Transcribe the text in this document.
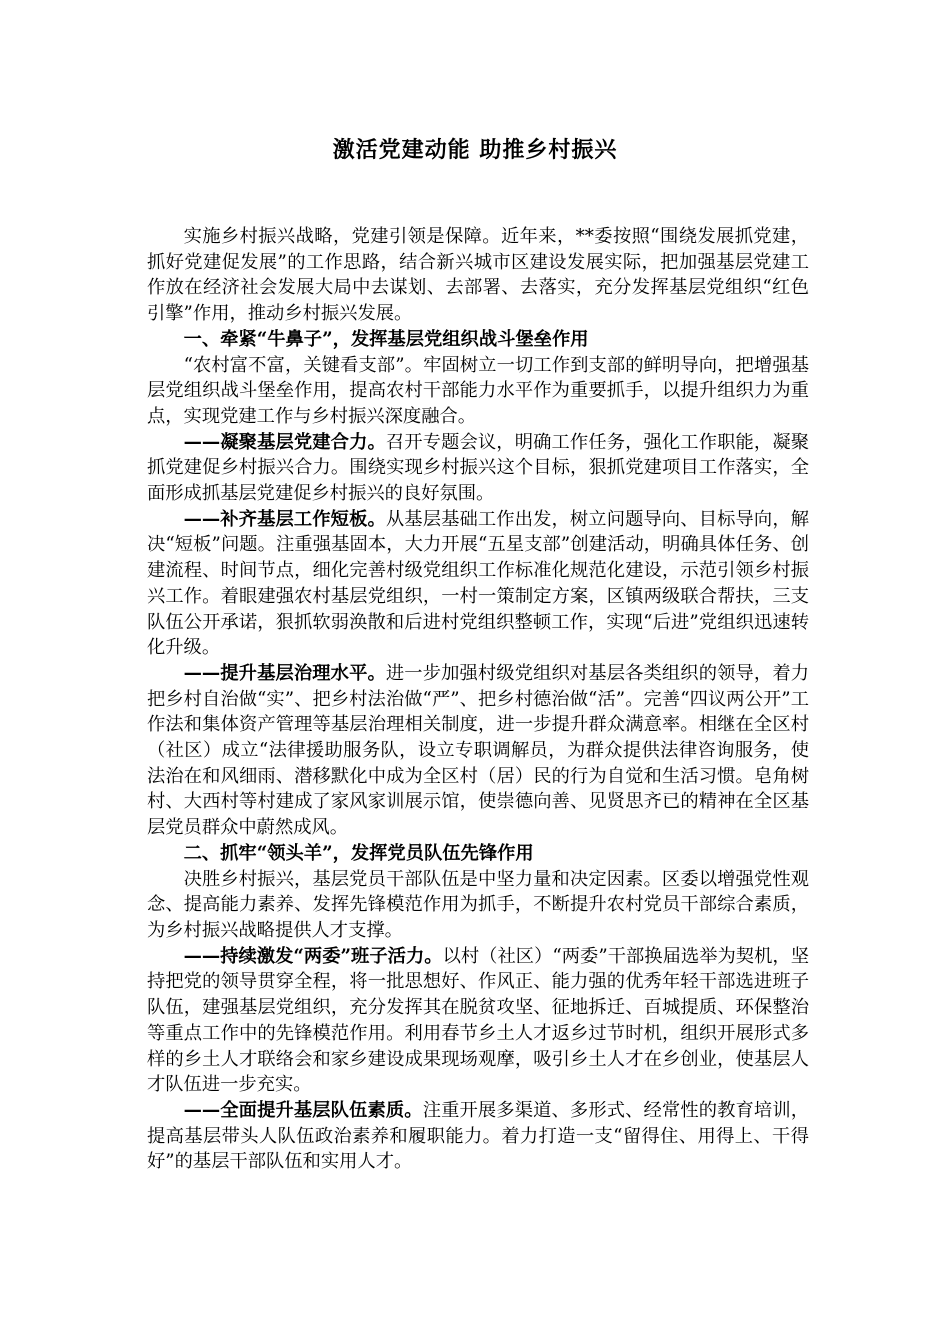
激活党建动能 助推乡村振兴

实施乡村振兴战略，党建引领是保障。近年来，**委按照“围绕发展抓党建，抓好党建促发展”的工作思路，结合新兴城市区建设发展实际，把加强基层党建工作放在经济社会发展大局中去谋划、去部署、去落实，充分发挥基层党组织“红色引擎”作用，推动乡村振兴发展。

一、牵紧“牛鼻子”，发挥基层党组织战斗堡垒作用

“农村富不富，关键看支部”。牢固树立一切工作到支部的鲜明导向，把增强基层党组织战斗堡垒作用，提高农村干部能力水平作为重要抓手，以提升组织力为重点，实现党建工作与乡村振兴深度融合。

——凝聚基层党建合力。召开专题会议，明确工作任务，强化工作职能，凝聚抓党建促乡村振兴合力。围绕实现乡村振兴这个目标，狠抓党建项目工作落实，全面形成抓基层党建促乡村振兴的良好氛围。

——补齐基层工作短板。从基层基础工作出发，树立问题导向、目标导向，解决“短板”问题。注重强基固本，大力开展“五星支部”创建活动，明确具体任务、创建流程、时间节点，细化完善村级党组织工作标准化规范化建设，示范引领乡村振兴工作。着眼建强农村基层党组织，一村一策制定方案，区镇两级联合帮扶，三支队伍公开承诺，狠抓软弱涣散和后进村党组织整顿工作，实现“后进”党组织迅速转化升级。

——提升基层治理水平。进一步加强村级党组织对基层各类组织的领导，着力把乡村自治做“实”、把乡村法治做“严”、把乡村德治做“活”。完善“四议两公开”工作法和集体资产管理等基层治理相关制度，进一步提升群众满意率。相继在全区村（社区）成立“法律援助服务队，设立专职调解员，为群众提供法律咨询服务，使法治在和风细雨、潜移默化中成为全区村（居）民的行为自觉和生活习惯。皂角树村、大西村等村建成了家风家训展示馆，使崇德向善、见贤思齐已的精神在全区基层党员群众中蔚然成风。

二、抓牢“领头羊”，发挥党员队伍先锋作用

决胜乡村振兴，基层党员干部队伍是中坚力量和决定因素。区委以增强党性观念、提高能力素养、发挥先锋模范作用为抓手，不断提升农村党员干部综合素质，为乡村振兴战略提供人才支撑。

——持续激发“两委”班子活力。以村（社区）“两委”干部换届选举为契机，坚持把党的领导贯穿全程，将一批思想好、作风正、能力强的优秀年轻干部选进班子队伍，建强基层党组织，充分发挥其在脱贫攻坚、征地拆迁、百城提质、环保整治等重点工作中的先锋模范作用。利用春节乡土人才返乡过节时机，组织开展形式多样的乡土人才联络会和家乡建设成果现场观摩，吸引乡土人才在乡创业，使基层人才队伍进一步充实。

——全面提升基层队伍素质。注重开展多渠道、多形式、经常性的教育培训，提高基层带头人队伍政治素养和履职能力。着力打造一支“留得住、用得上、干得好”的基层干部队伍和实用人才。
